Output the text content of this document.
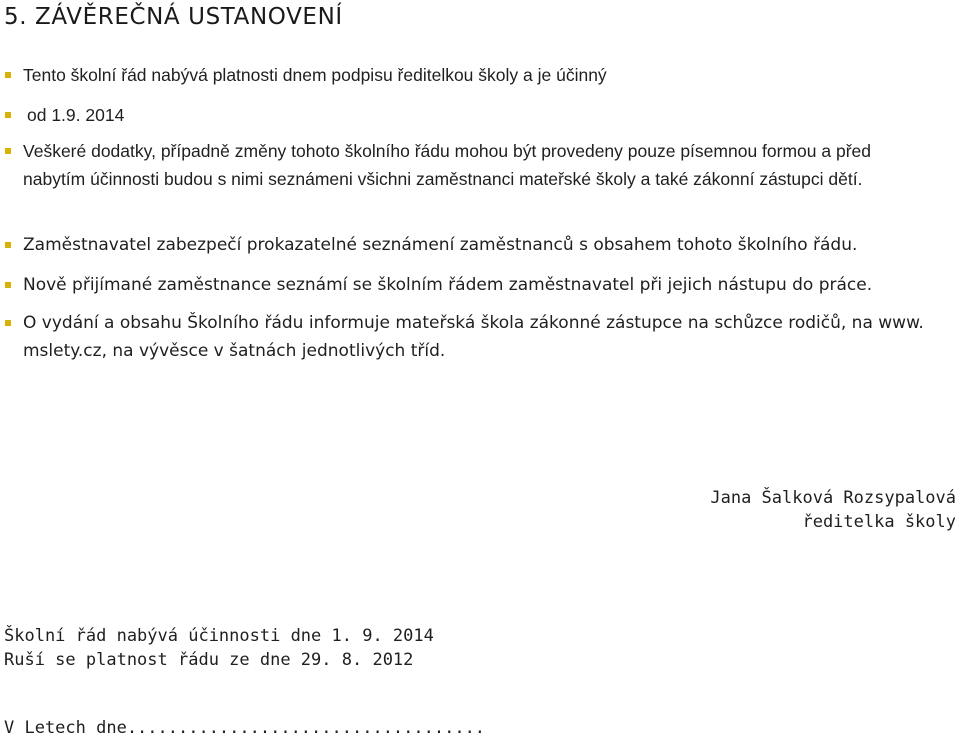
5. ZÁVĚREČNÁ USTANOVENÍ
Tento školní řád nabývá platnosti dnem podpisu ředitelkou školy a je účinný
od 1.9. 2014
Veškeré dodatky, případně změny tohoto školního řádu mohou být provedeny pouze písemnou formou a před nabytím účinnosti budou s nimi seznámeni všichni zaměstnanci mateřské školy a také zákonní zástupci dětí.
Zaměstnavatel zabezpečí prokazatelné seznámení zaměstnanců s obsahem tohoto školního řádu.
Nově přijímané zaměstnance seznámí se školním řádem zaměstnavatel při jejich nástupu do práce.
O vydání a obsahu Školního řádu informuje mateřská škola zákonné zástupce na schůzce rodičů, na www. mslety.cz, na vývěsce v šatnách jednotlivých tříd.
Jana Šalková Rozsypalová
ředitelka školy
Školní řád nabývá účinnosti dne 1. 9. 2014
Ruší se platnost řádu ze dne 29. 8. 2012
V Letech dne...................................
